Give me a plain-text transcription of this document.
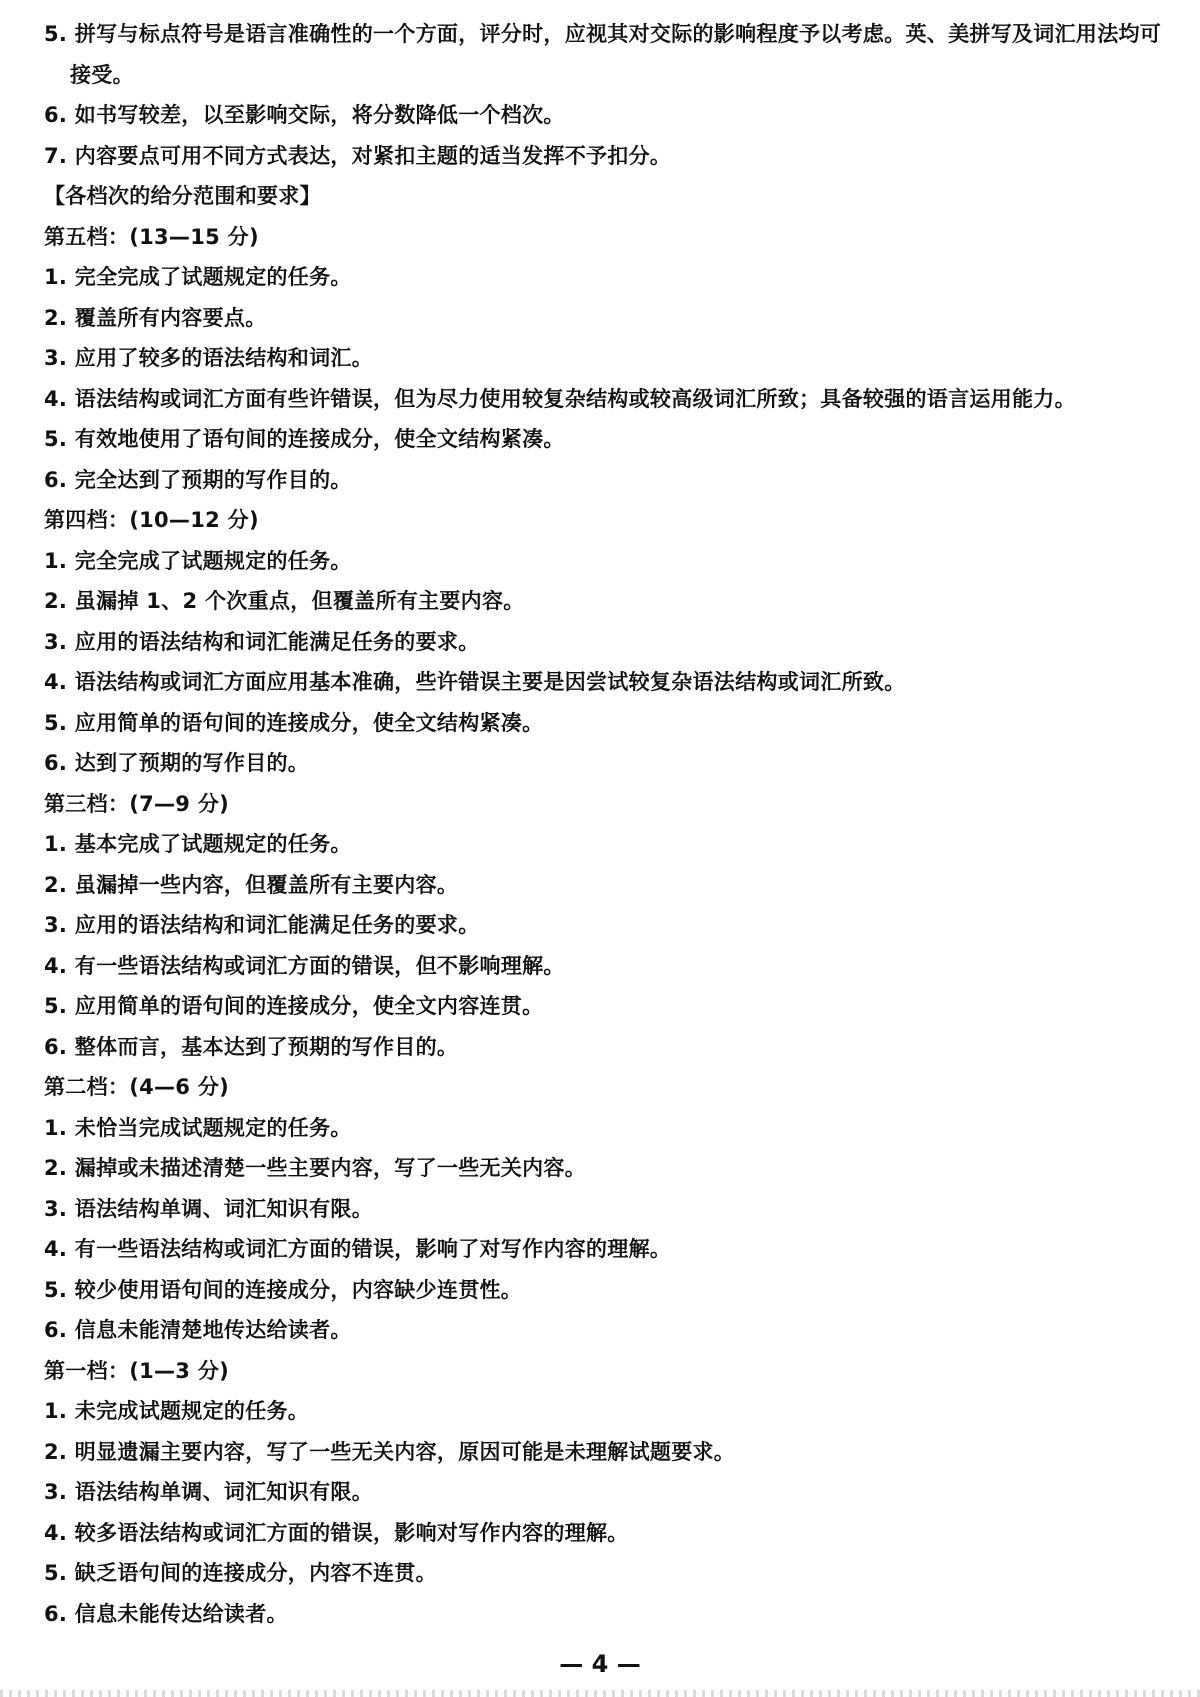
5. 拼写与标点符号是语言准确性的一个方面，评分时，应视其对交际的影响程度予以考虑。英、美拼写及词汇用法均可接受。
6. 如书写较差，以至影响交际，将分数降低一个档次。
7. 内容要点可用不同方式表达，对紧扣主题的适当发挥不予扣分。
【各档次的给分范围和要求】
第五档：(13—15 分)
1. 完全完成了试题规定的任务。
2. 覆盖所有内容要点。
3. 应用了较多的语法结构和词汇。
4. 语法结构或词汇方面有些许错误，但为尽力使用较复杂结构或较高级词汇所致；具备较强的语言运用能力。
5. 有效地使用了语句间的连接成分，使全文结构紧凑。
6. 完全达到了预期的写作目的。
第四档：(10—12 分)
1. 完全完成了试题规定的任务。
2. 虽漏掉 1、2 个次重点，但覆盖所有主要内容。
3. 应用的语法结构和词汇能满足任务的要求。
4. 语法结构或词汇方面应用基本准确，些许错误主要是因尝试较复杂语法结构或词汇所致。
5. 应用简单的语句间的连接成分，使全文结构紧凑。
6. 达到了预期的写作目的。
第三档：(7—9 分)
1. 基本完成了试题规定的任务。
2. 虽漏掉一些内容，但覆盖所有主要内容。
3. 应用的语法结构和词汇能满足任务的要求。
4. 有一些语法结构或词汇方面的错误，但不影响理解。
5. 应用简单的语句间的连接成分，使全文内容连贯。
6. 整体而言，基本达到了预期的写作目的。
第二档：(4—6 分)
1. 未恰当完成试题规定的任务。
2. 漏掉或未描述清楚一些主要内容，写了一些无关内容。
3. 语法结构单调、词汇知识有限。
4. 有一些语法结构或词汇方面的错误，影响了对写作内容的理解。
5. 较少使用语句间的连接成分，内容缺少连贯性。
6. 信息未能清楚地传达给读者。
第一档：(1—3 分)
1. 未完成试题规定的任务。
2. 明显遗漏主要内容，写了一些无关内容，原因可能是未理解试题要求。
3. 语法结构单调、词汇知识有限。
4. 较多语法结构或词汇方面的错误，影响对写作内容的理解。
5. 缺乏语句间的连接成分，内容不连贯。
6. 信息未能传达给读者。
— 4 —
